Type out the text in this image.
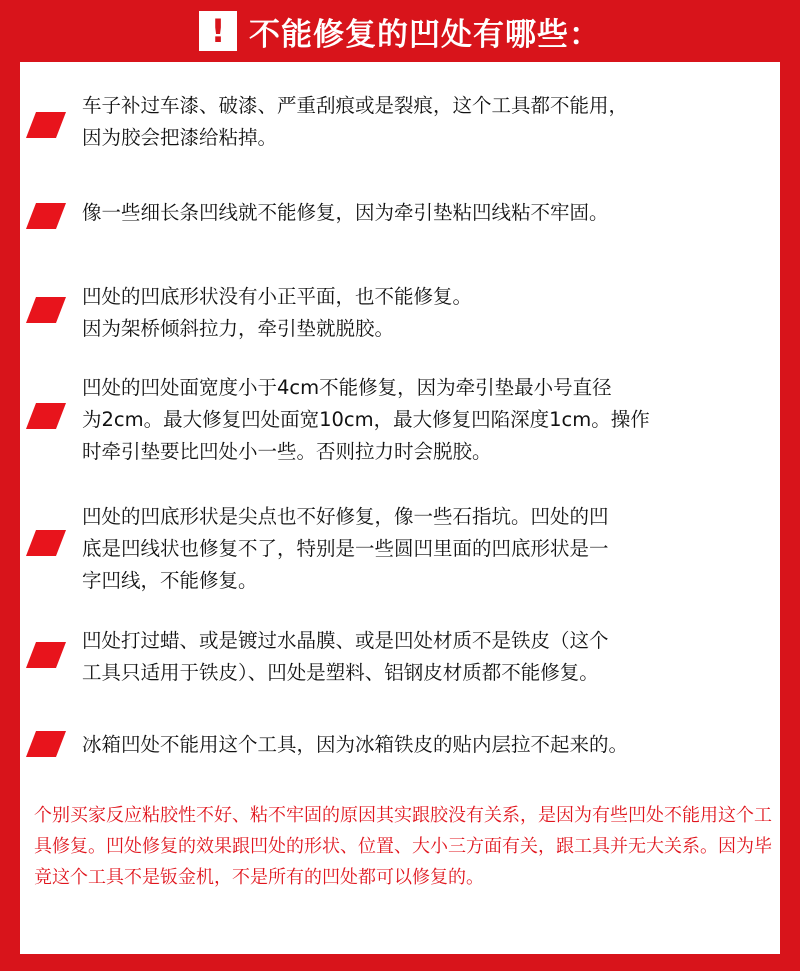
! 不能修复的凹处有哪些：
车子补过车漆、破漆、严重刮痕或是裂痕，这个工具都不能用，
因为胶会把漆给粘掉。
像一些细长条凹线就不能修复，因为牵引垫粘凹线粘不牢固。
凹处的凹底形状没有小正平面，也不能修复。
因为架桥倾斜拉力，牵引垫就脱胶。
凹处的凹处面宽度小于4cm不能修复，因为牵引垫最小号直径
为2cm。最大修复凹处面宽10cm，最大修复凹陷深度1cm。操作
时牵引垫要比凹处小一些。否则拉力时会脱胶。
凹处的凹底形状是尖点也不好修复，像一些石指坑。凹处的凹
底是凹线状也修复不了，特别是一些圆凹里面的凹底形状是一
字凹线，不能修复。
凹处打过蜡、或是镀过水晶膜、或是凹处材质不是铁皮（这个
工具只适用于铁皮）、凹处是塑料、铝钢皮材质都不能修复。
冰箱凹处不能用这个工具，因为冰箱铁皮的贴内层拉不起来的。
个别买家反应粘胶性不好、粘不牢固的原因其实跟胶没有关系，是因为有些凹处不能用这个工具修复。凹处修复的效果跟凹处的形状、位置、大小三方面有关，跟工具并无大关系。因为毕竟这个工具不是钣金机，不是所有的凹处都可以修复的。
